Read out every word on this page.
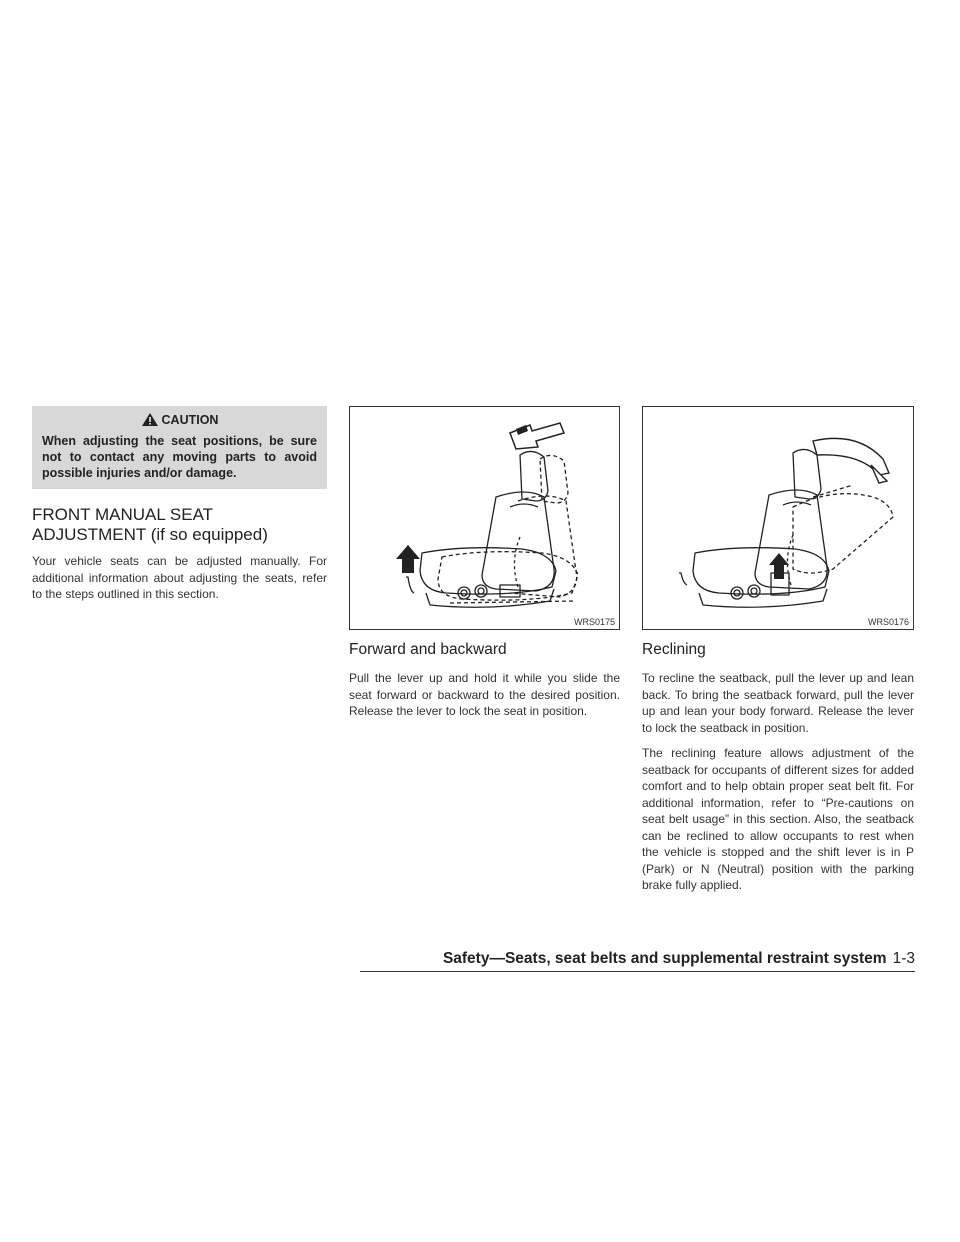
CAUTION
When adjusting the seat positions, be sure not to contact any moving parts to avoid possible injuries and/or damage.
FRONT MANUAL SEAT
ADJUSTMENT (if so equipped)

Your vehicle seats can be adjusted manually. For additional information about adjusting the seats, refer to the steps outlined in this section.

WRS0175
Forward and backward

Pull the lever up and hold it while you slide the seat forward or backward to the desired position. Release the lever to lock the seat in position.

WRS0176
Reclining

To recline the seatback, pull the lever up and lean back. To bring the seatback forward, pull the lever up and lean your body forward. Release the lever to lock the seatback in position.

The reclining feature allows adjustment of the seatback for occupants of different sizes for added comfort and to help obtain proper seat belt fit. For additional information, refer to “Pre-cautions on seat belt usage” in this section. Also, the seatback can be reclined to allow occupants to rest when the vehicle is stopped and the shift lever is in P (Park) or N (Neutral) position with the parking brake fully applied.

Safety—Seats, seat belts and supplemental restraint system 1-3
